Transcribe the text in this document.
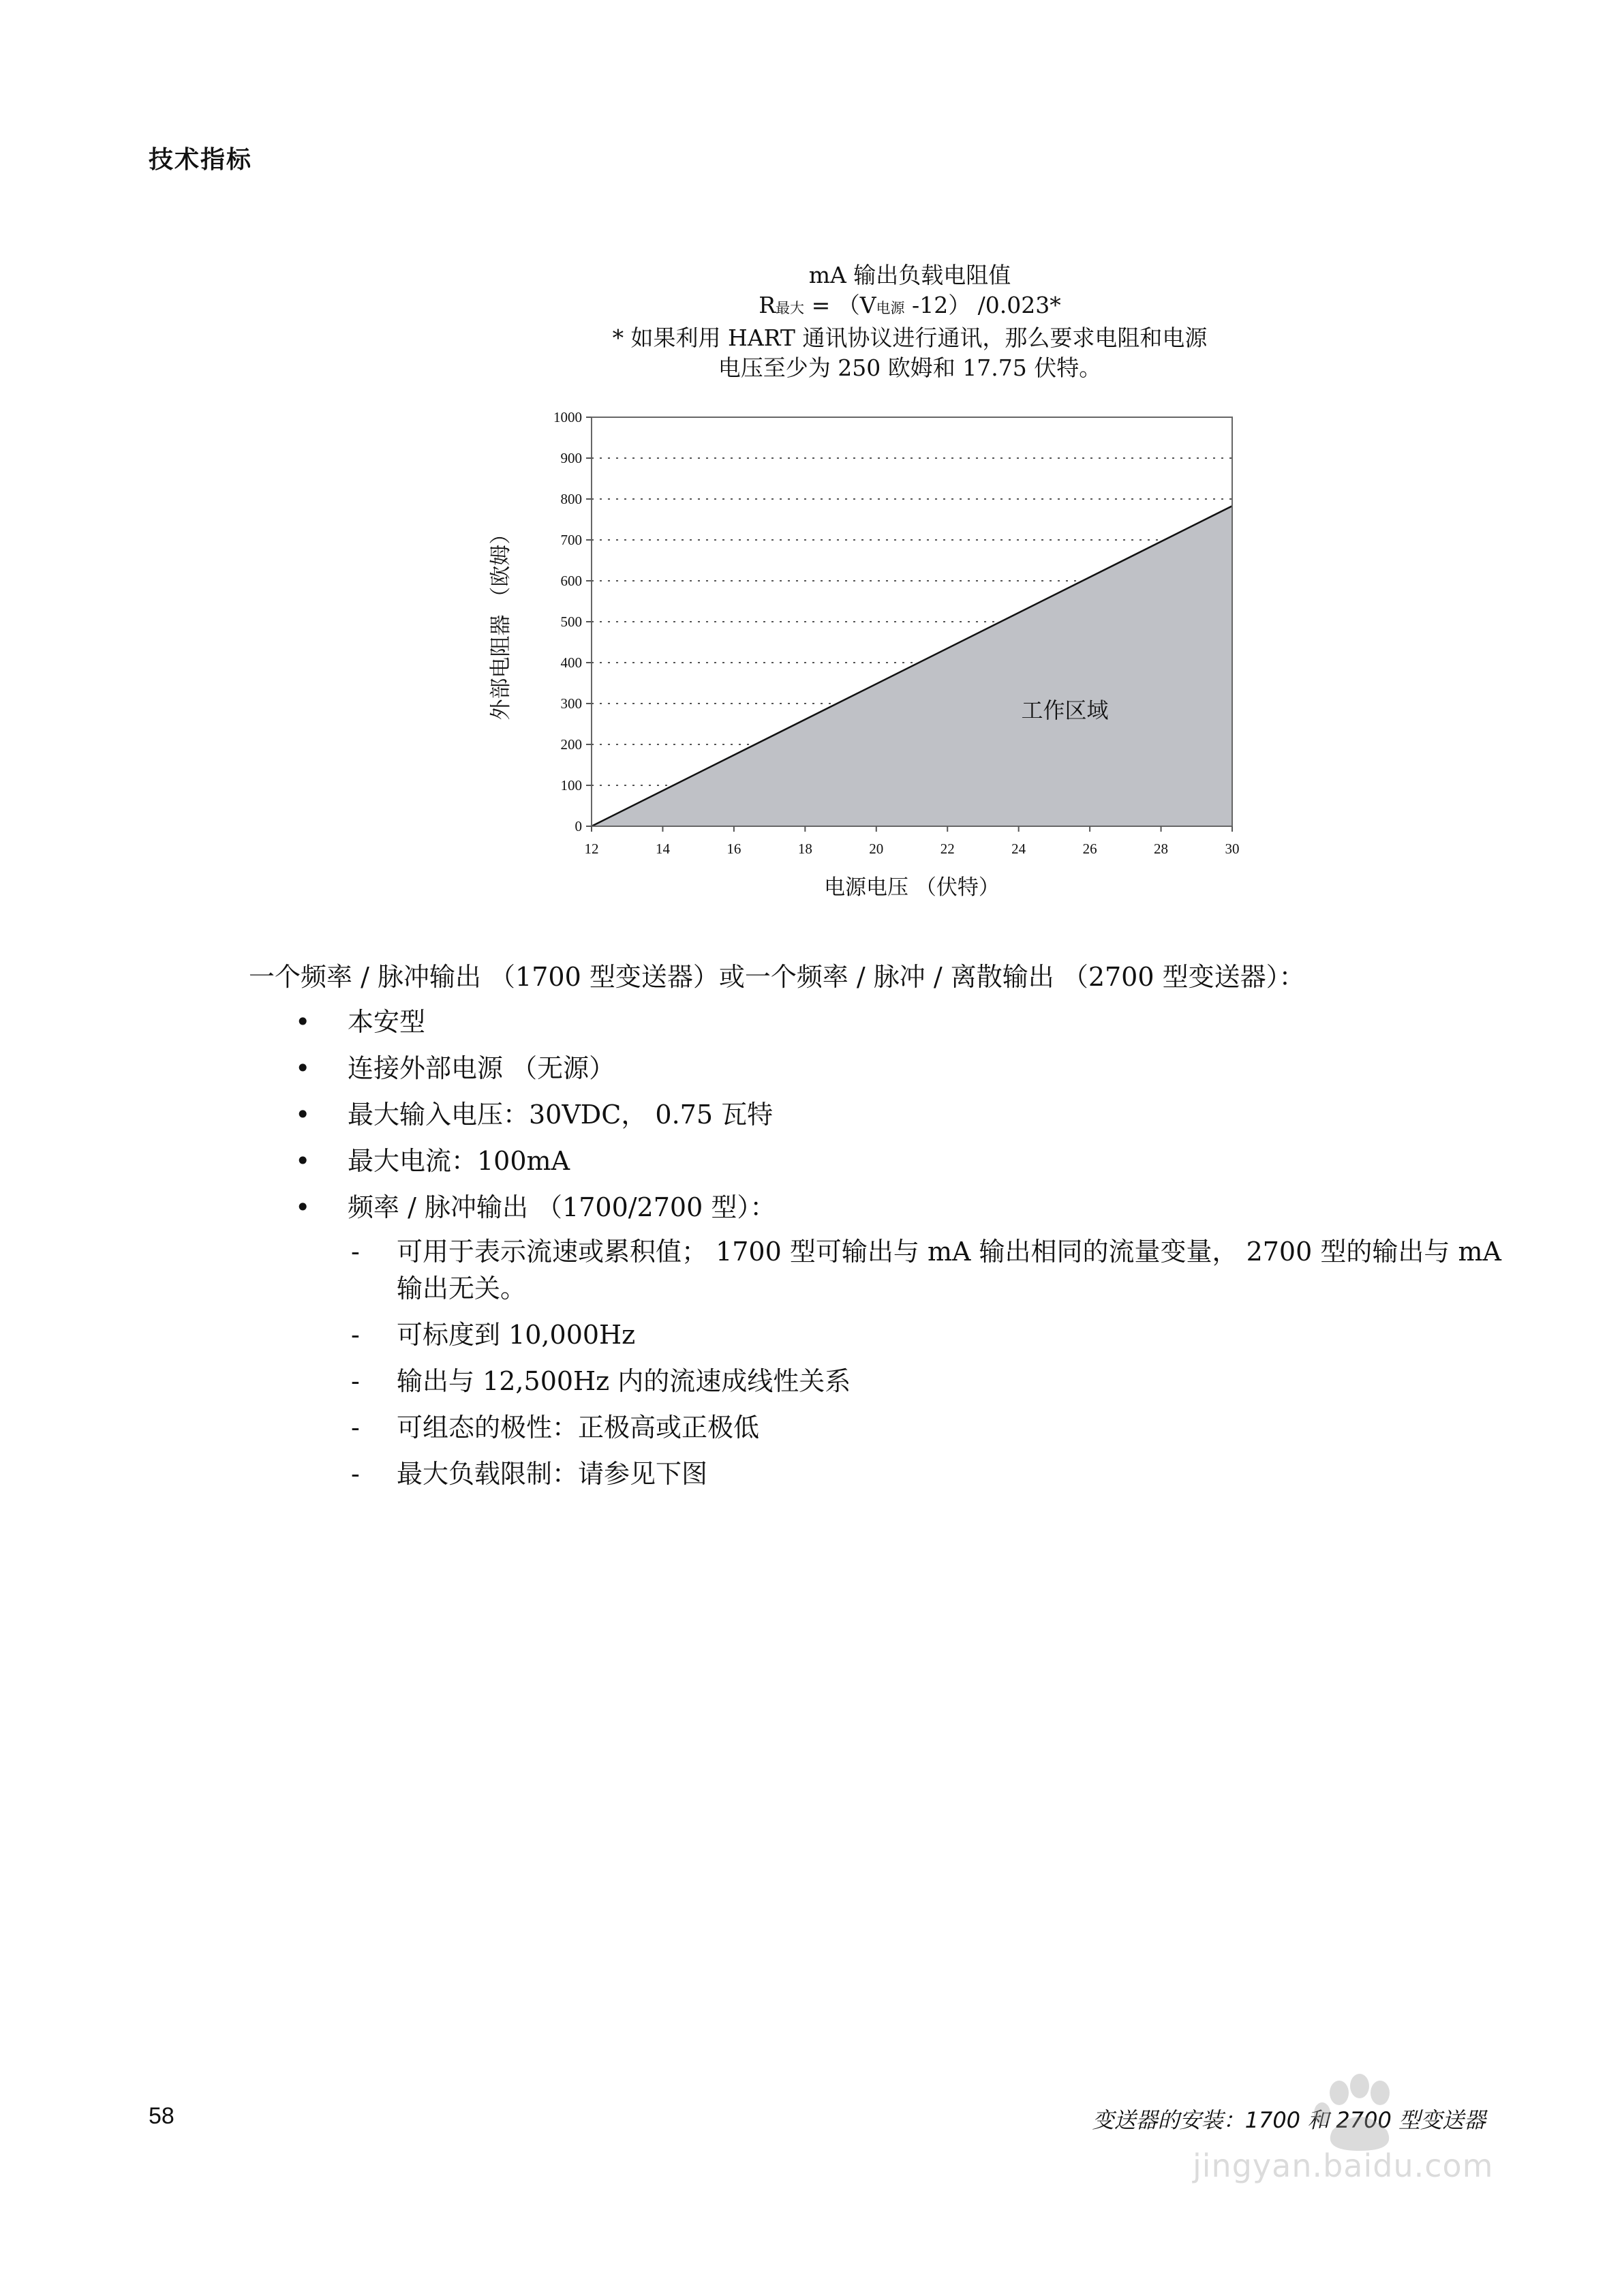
技术指标
mA 输出负载电阻值
R最大 = （V电源 -12） /0.023*
* 如果利用 HART 通讯协议进行通讯，那么要求电阻和电源
电压至少为 250 欧姆和 17.75 伏特。
0
100
200
300
400
500
600
700
800
900
1000
12	14	16	18	20	22	24	26	28	30
工作区域
电源电压 （伏特）
外部电阻器 （欧姆）

一个频率 / 脉冲输出 （1700 型变送器）或一个频率 / 脉冲 / 离散输出 （2700 型变送器）：

• 本安型
• 连接外部电源 （无源）
• 最大输入电压：30VDC， 0.75 瓦特
• 最大电流：100mA
• 频率 / 脉冲输出 （1700/2700 型）：
- 可用于表示流速或累积值； 1700 型可输出与 mA 输出相同的流量变量， 2700 型的输出与 mA 输出无关。
- 可标度到 10,000Hz
- 输出与 12,500Hz 内的流速成线性关系
- 可组态的极性：正极高或正极低
- 最大负载限制：请参见下图
58	变送器的安装：1700 和 2700 型变送器
jingyan.baidu.com
